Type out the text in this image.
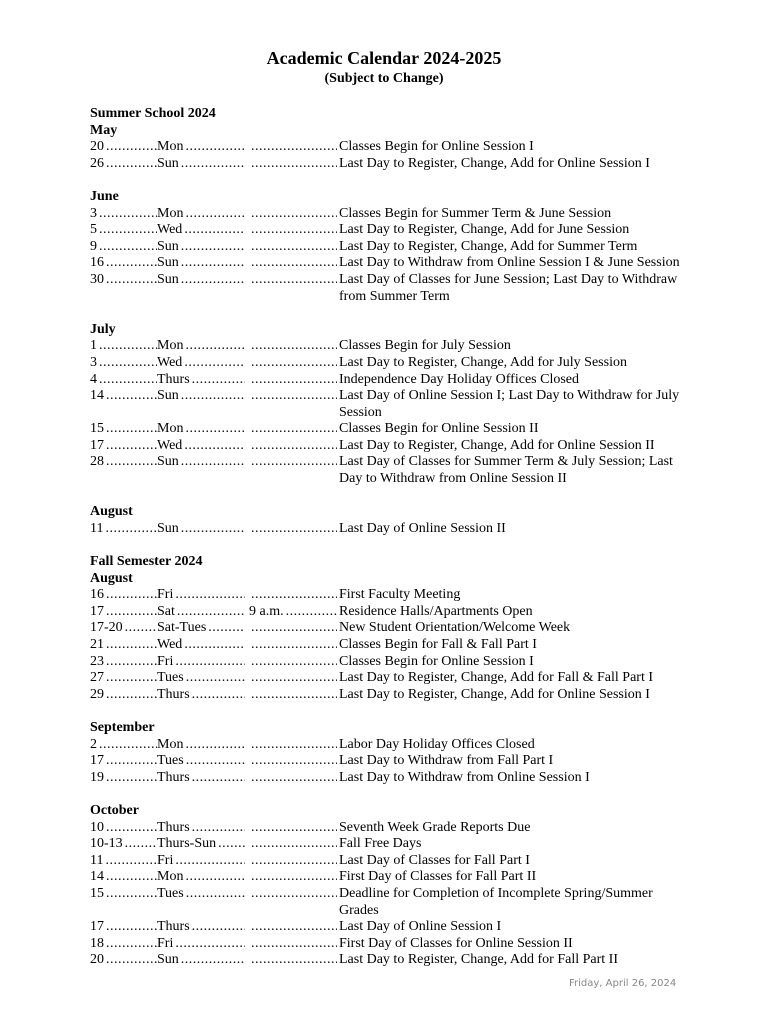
Academic Calendar 2024-2025
(Subject to Change)
Summer School 2024
May
20 .....	Mon ..... .....	Classes Begin for Online Session I
26 .....	Sun ..... .....	Last Day to Register, Change, Add for Online Session I
June
3 .....	Mon ..... .....	Classes Begin for Summer Term & June Session
5 .....	Wed ..... .....	Last Day to Register, Change, Add for June Session
9 .....	Sun ..... .....	Last Day to Register, Change, Add for Summer Term
16 .....	Sun ..... .....	Last Day to Withdraw from Online Session I & June Session
30 .....	Sun ..... .....	Last Day of Classes for June Session; Last Day to Withdraw
from Summer Term
July
1 .....	Mon ..... .....	Classes Begin for July Session
3 .....	Wed ..... .....	Last Day to Register, Change, Add for July Session
4 .....	Thurs ..... .....	Independence Day Holiday Offices Closed
14 .....	Sun ..... .....	Last Day of Online Session I; Last Day to Withdraw for July
Session
15 .....	Mon ..... .....	Classes Begin for Online Session II
17 .....	Wed ..... .....	Last Day to Register, Change, Add for Online Session II
28 .....	Sun ..... .....	Last Day of Classes for Summer Term & July Session; Last
Day to Withdraw from Online Session II
August
11 .....	Sun ..... .....	Last Day of Online Session II
Fall Semester 2024
August
16 .....	Fri ..... .....	First Faculty Meeting
17 .....	Sat .....	9 a.m. .....	Residence Halls/Apartments Open
17-20 ..... Sat-Tues ..... .....	New Student Orientation/Welcome Week
21 .....	Wed ..... .....	Classes Begin for Fall & Fall Part I
23 .....	Fri ..... .....	Classes Begin for Online Session I
27 .....	Tues ..... .....	Last Day to Register, Change, Add for Fall & Fall Part I
29 .....	Thurs ..... .....	Last Day to Register, Change, Add for Online Session I
September
2 .....	Mon ..... .....	Labor Day Holiday Offices Closed
17 .....	Tues ..... .....	Last Day to Withdraw from Fall Part I
19 .....	Thurs ..... .....	Last Day to Withdraw from Online Session I
October
10 .....	Thurs ..... .....	Seventh Week Grade Reports Due
10-13 ..... Thurs-Sun ..... .....	Fall Free Days
11 .....	Fri ..... .....	Last Day of Classes for Fall Part I
14 .....	Mon ..... .....	First Day of Classes for Fall Part II
15 .....	Tues ..... .....	Deadline for Completion of Incomplete Spring/Summer
Grades
17 .....	Thurs ..... .....	Last Day of Online Session I
18 .....	Fri ..... .....	First Day of Classes for Online Session II
20 .....	Sun ..... .....	Last Day to Register, Change, Add for Fall Part II
Friday, April 26, 2024
